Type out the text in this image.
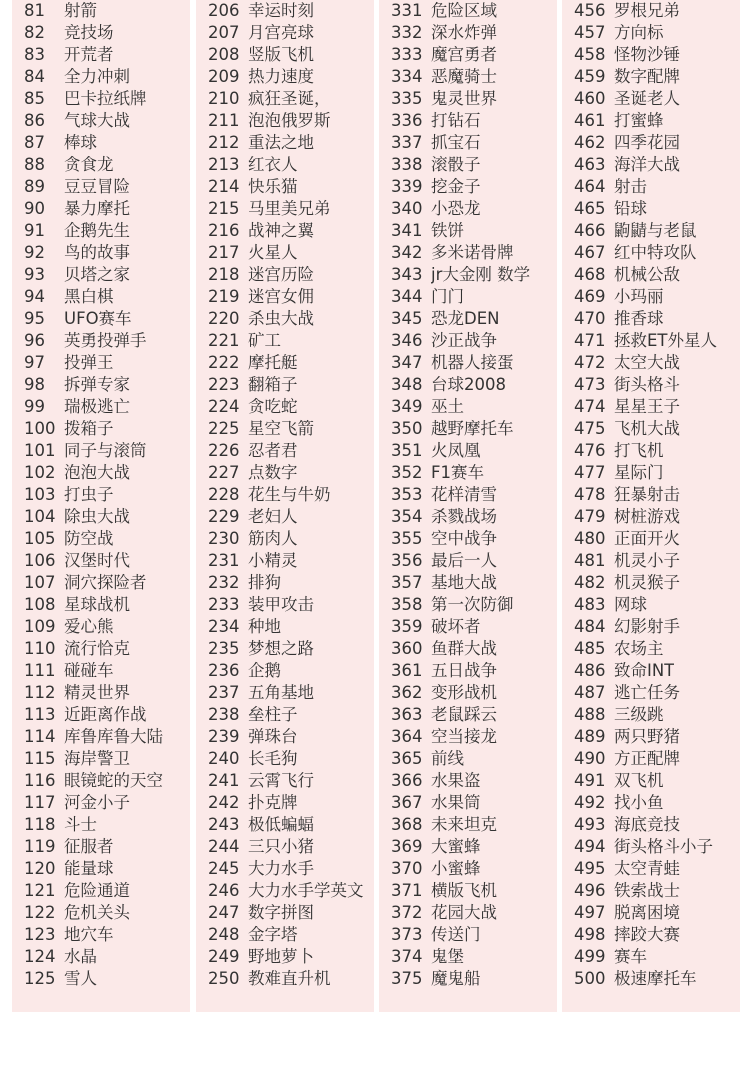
81	射箭
82	竞技场
83	开荒者
84	全力冲刺
85	巴卡拉纸牌
86	气球大战
87	棒球
88	贪食龙
89	豆豆冒险
90	暴力摩托
91	企鹅先生
92	鸟的故事
93	贝塔之家
94	黑白棋
95	UFO赛车
96	英勇投弹手
97	投弹王
98	拆弹专家
99	瑞极逃亡
100 拨箱子
101 同子与滚筒
102 泡泡大战
103 打虫子
104 除虫大战
105 防空战
106 汉堡时代
107 洞穴探险者
108 星球战机
109 爱心熊
110 流行恰克
111 碰碰车
112 精灵世界
113 近距离作战
114 库鲁库鲁大陆
115 海岸警卫
116 眼镜蛇的天空
117 河金小子
118 斗士
119 征服者
120 能量球
121 危险通道
122 危机关头
123 地穴车
124 水晶
125 雪人
206 幸运时刻
207 月宫亮球
208 竖版飞机
209 热力速度
210 疯狂圣诞，
211 泡泡俄罗斯
212 重法之地
213 红衣人
214 快乐猫
215 马里美兄弟
216 战神之翼
217 火星人
218 迷宫历险
219 迷宫女佣
220 杀虫大战
221 矿工
222 摩托艇
223 翻箱子
224 贪吃蛇
225 星空飞箭
226 忍者君
227 点数字
228 花生与牛奶
229 老妇人
230 筋肉人
231 小精灵
232 排狗
233 装甲攻击
234 种地
235 梦想之路
236 企鹅
237 五角基地
238 垒柱子
239 弹珠台
240 长毛狗
241 云霄飞行
242 扑克牌
243 极低蝙蝠
244 三只小猪
245 大力水手
246 大力水手学英文
247 数字拼图
248 金字塔
249 野地萝卜
250 教难直升机
331 危险区域
332 深水炸弹
333 魔宫勇者
334 恶魔骑士
335 鬼灵世界
336 打钻石
337 抓宝石
338 滚骰子
339 挖金子
340 小恐龙
341 铁饼
342 多米诺骨牌
343 jr大金刚 数学
344 门门
345 恐龙DEN
346 沙正战争
347 机器人接蛋
348 台球2008
349 巫土
350 越野摩托车
351 火凤凰
352 F1赛车
353 花样清雪
354 杀戮战场
355 空中战争
356 最后一人
357 基地大战
358 第一次防御
359 破坏者
360 鱼群大战
361 五日战争
362 变形战机
363 老鼠踩云
364 空当接龙
365 前线
366 水果盗
367 水果筒
368 未来坦克
369 大蜜蜂
370 小蜜蜂
371 横版飞机
372 花园大战
373 传送门
374 鬼堡
375 魔鬼船
456 罗根兄弟
457 方向标
458 怪物沙锤
459 数字配牌
460 圣诞老人
461 打蜜蜂
462 四季花园
463 海洋大战
464 射击
465 铅球
466 鼩鼱与老鼠
467 红中特攻队
468 机械公敌
469 小玛丽
470 推香球
471 拯救ET外星人
472 太空大战
473 街头格斗
474 星星王子
475 飞机大战
476 打飞机
477 星际门
478 狂暴射击
479 树桩游戏
480 正面开火
481 机灵小子
482 机灵猴子
483 网球
484 幻影射手
485 农场主
486 致命INT
487 逃亡任务
488 三级跳
489 两只野猪
490 方正配牌
491 双飞机
492 找小鱼
493 海底竞技
494 街头格斗小子
495 太空青蛙
496 铁索战士
497 脱离困境
498 摔跤大赛
499 赛车
500 极速摩托车
